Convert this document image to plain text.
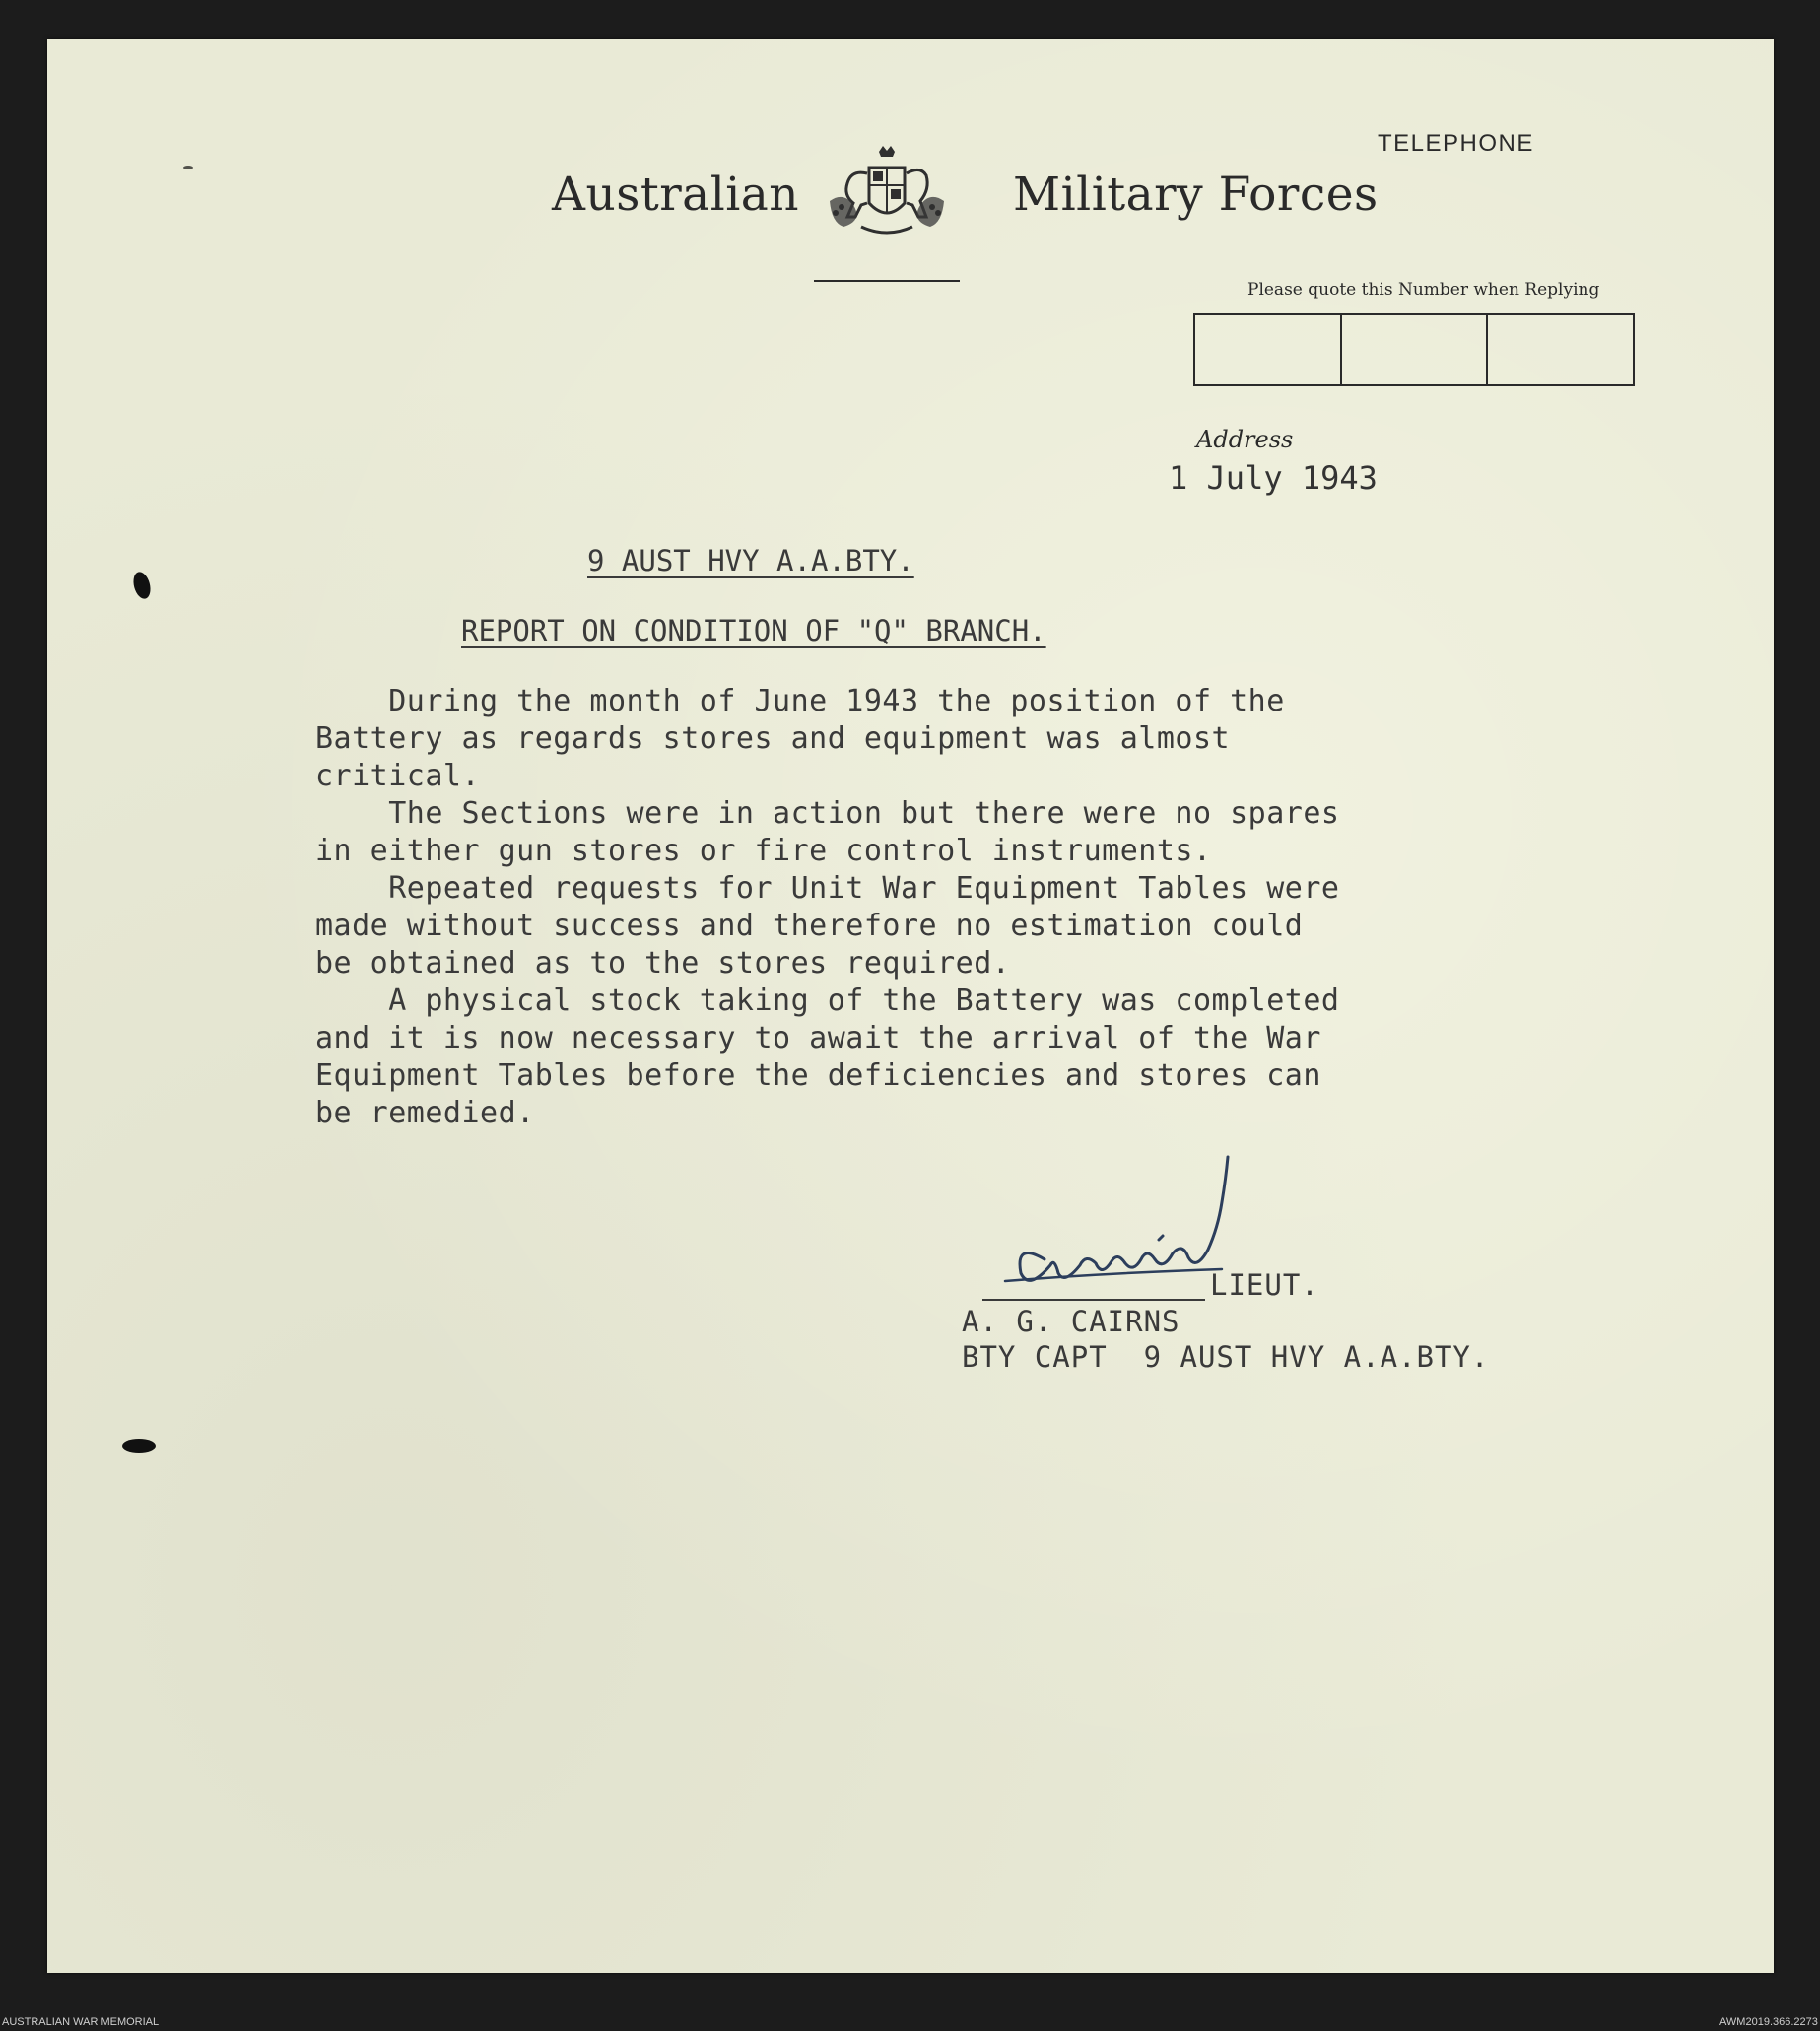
TELEPHONE
Australian	Military Forces
Please quote this Number when Replying
Address
1 July 1943
9 AUST HVY A.A.BTY.
REPORT ON CONDITION OF "Q" BRANCH.
During the month of June 1943 the position of the
Battery as regards stores and equipment was almost
critical.
The Sections were in action but there were no spares
in either gun stores or fire control instruments.
Repeated requests for Unit War Equipment Tables were
made without success and therefore no estimation could
be obtained as to the stores required.
A physical stock taking of the Battery was completed
and it is now necessary to await the arrival of the War
Equipment Tables before the deficiencies and stores can
be remedied.
LIEUT.
A. G. CAIRNS
BTY CAPT  9 AUST HVY A.A.BTY.
AUSTRALIAN WAR MEMORIAL	AWM2019.366.2273
